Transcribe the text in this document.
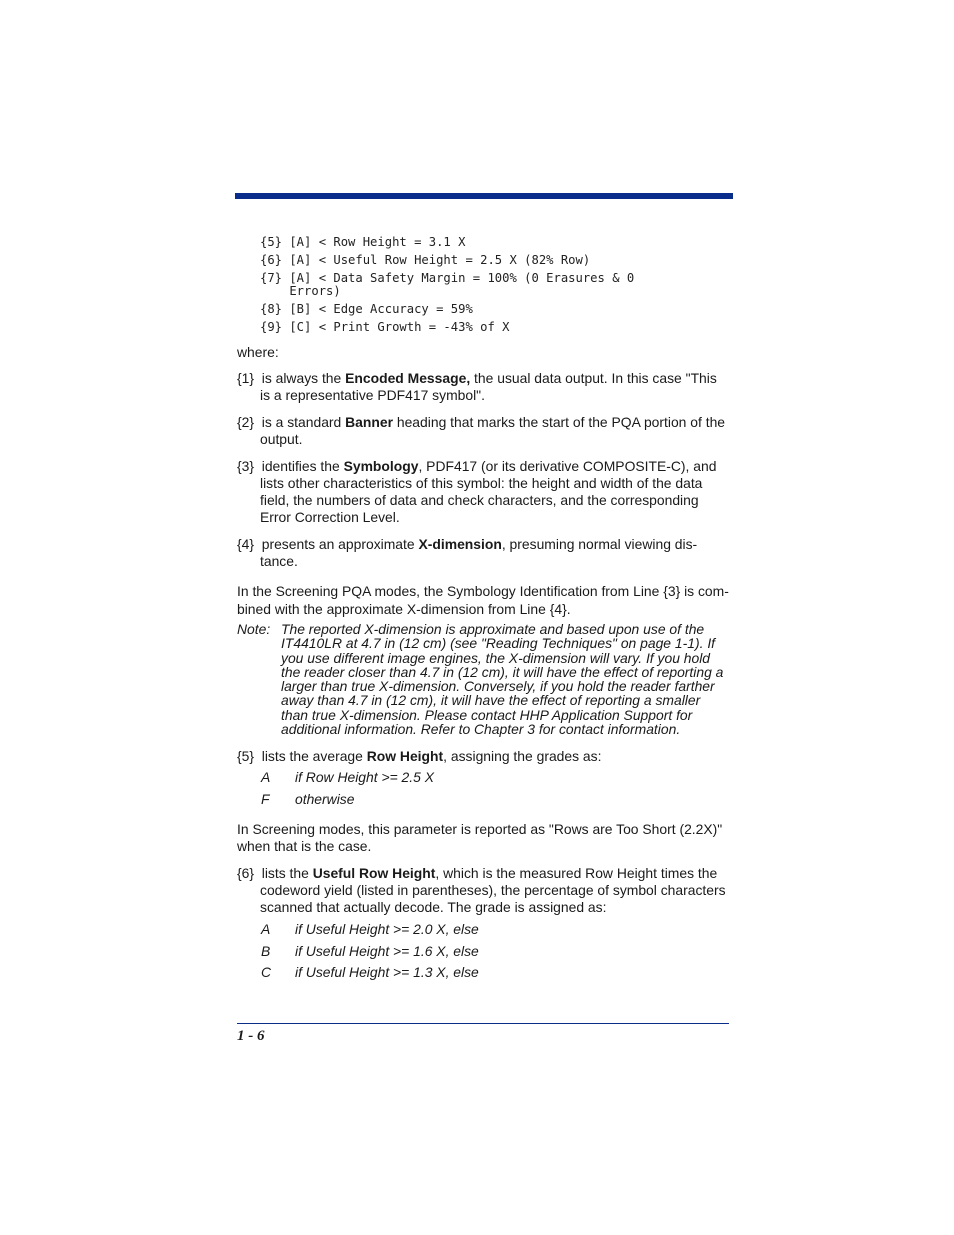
{5} [A] < Row Height = 3.1 X
{6} [A] < Useful Row Height = 2.5 X (82% Row)
{7} [A] < Data Safety Margin = 100% (0 Erasures & 0
Errors)
{8} [B] < Edge Accuracy = 59%
{9} [C] < Print Growth = -43% of X
where:
{1} is always the Encoded Message, the usual data output. In this case "This
is a representative PDF417 symbol".
{2} is a standard Banner heading that marks the start of the PQA portion of the
output.
{3} identifies the Symbology, PDF417 (or its derivative COMPOSITE-C), and
lists other characteristics of this symbol: the height and width of the data field, the numbers of data and check characters, and the corresponding Error Correction Level.
{4} presents an approximate X-dimension, presuming normal viewing dis-
tance.
In the Screening PQA modes, the Symbology Identification from Line {3} is com-bined with the approximate X-dimension from Line {4}.
Note: The reported X-dimension is approximate and based upon use of the IT4410LR at 4.7 in (12 cm) (see "Reading Techniques" on page 1-1). If you use different image engines, the X-dimension will vary. If you hold the reader closer than 4.7 in (12 cm), it will have the effect of reporting a larger than true X-dimension. Conversely, if you hold the reader farther away than 4.7 in (12 cm), it will have the effect of reporting a smaller than true X-dimension. Please contact HHP Application Support for additional information. Refer to Chapter 3 for contact information.
{5} lists the average Row Height, assigning the grades as:
A if Row Height >= 2.5 X
F otherwise
In Screening modes, this parameter is reported as "Rows are Too Short (2.2X)" when that is the case.
{6} lists the Useful Row Height, which is the measured Row Height times the
codeword yield (listed in parentheses), the percentage of symbol characters scanned that actually decode. The grade is assigned as:
A if Useful Height >= 2.0 X, else
B if Useful Height >= 1.6 X, else
C if Useful Height >= 1.3 X, else
1 - 6
